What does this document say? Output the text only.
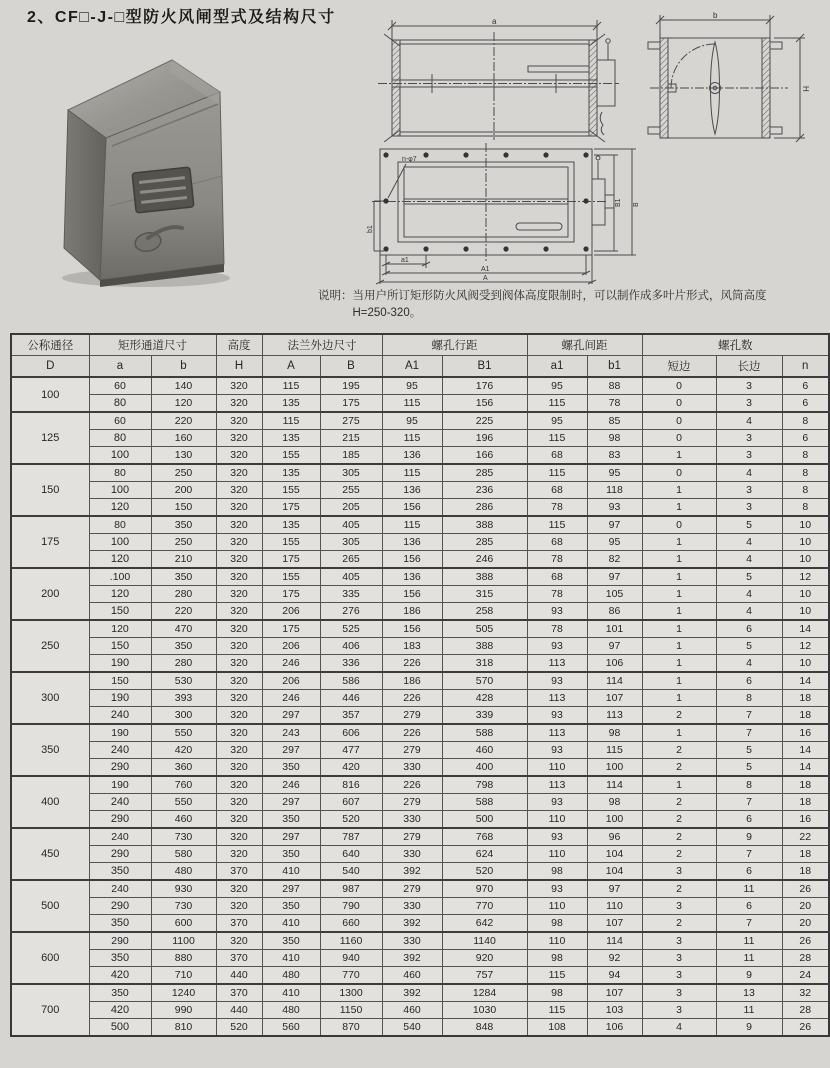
2、CF□-J-□型防火风闸型式及结构尺寸	a
b
H
n-φ7
b1
a1
A1
A
B1 B
说明： 当用户所订矩形防火风阀受到阀体高度限制时，可以制作成多叶片形式，风筒高度H=250-320。
公称通径	矩形通道尺寸		高度	法兰外边尺寸		螺孔行距		螺孔间距		螺孔数		
D	a	b	H	A	B	A1	B1	a1	b1	短边	长边	n
100	60	140	320	115	195	95	176	95	88	0	3	6
	80	120	320	135	175	115	156	115	78	0	3	6
125	60	220	320	115	275	95	225	95	85	0	4	8
	80	160	320	135	215	115	196	115	98	0	3	6
	100	130	320	155	185	136	166	68	83	1	3	8
150	80	250	320	135	305	115	285	115	95	0	4	8
	100	200	320	155	255	136	236	68	118	1	3	8
	120	150	320	175	205	156	286	78	93	1	3	8
175	80	350	320	135	405	115	388	115	97	0	5	10
	100	250	320	155	305	136	285	68	95	1	4	10
	120	210	320	175	265	156	246	78	82	1	4	10
200	.100	350	320	155	405	136	388	68	97	1	5	12
	120	280	320	175	335	156	315	78	105	1	4	10
	150	220	320	206	276	186	258	93	86	1	4	10
250	120	470	320	175	525	156	505	78	101	1	6	14
	150	350	320	206	406	183	388	93	97	1	5	12
	190	280	320	246	336	226	318	113	106	1	4	10
300	150	530	320	206	586	186	570	93	114	1	6	14
	190	393	320	246	446	226	428	113	107	1	8	18
	240	300	320	297	357	279	339	93	113	2	7	18
350	190	550	320	243	606	226	588	113	98	1	7	16
	240	420	320	297	477	279	460	93	115	2	5	14
	290	360	320	350	420	330	400	110	100	2	5	14
400	190	760	320	246	816	226	798	113	114	1	8	18
	240	550	320	297	607	279	588	93	98	2	7	18
	290	460	320	350	520	330	500	110	100	2	6	16
450	240	730	320	297	787	279	768	93	96	2	9	22
	290	580	320	350	640	330	624	110	104	2	7	18
	350	480	370	410	540	392	520	98	104	3	6	18
500	240	930	320	297	987	279	970	93	97	2	11	26
	290	730	320	350	790	330	770	110	110	3	6	20
	350	600	370	410	660	392	642	98	107	2	7	20
600	290	1100	320	350	1160	330	1140	110	114	3	11	26
	350	880	370	410	940	392	920	98	92	3	11	28
	420	710	440	480	770	460	757	115	94	3	9	24
700	350	1240	370	410	1300	392	1284	98	107	3	13	32
	420	990	440	480	1150	460	1030	115	103	3	11	28
	500	810	520	560	870	540	848	108	106	4	9	26
